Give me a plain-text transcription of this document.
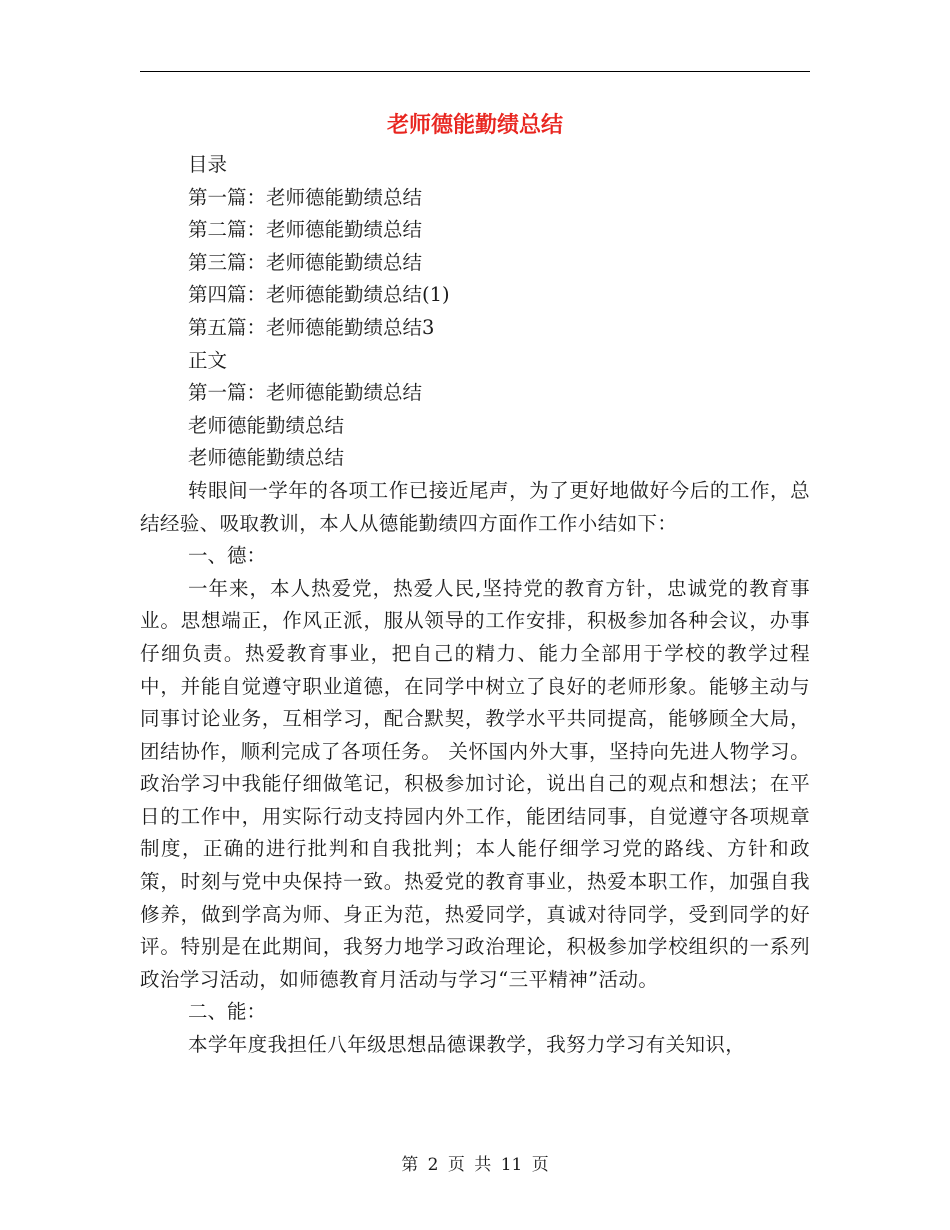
老师德能勤绩总结

目录

第一篇：老师德能勤绩总结

第二篇：老师德能勤绩总结

第三篇：老师德能勤绩总结

第四篇：老师德能勤绩总结(1)

第五篇：老师德能勤绩总结3

正文

第一篇：老师德能勤绩总结

老师德能勤绩总结

老师德能勤绩总结

转眼间一学年的各项工作已接近尾声，为了更好地做好今后的工作，总结经验、吸取教训，本人从德能勤绩四方面作工作小结如下：

一、德：

一年来，本人热爱党，热爱人民,坚持党的教育方针，忠诚党的教育事业。思想端正，作风正派，服从领导的工作安排，积极参加各种会议，办事仔细负责。热爱教育事业，把自己的精力、能力全部用于学校的教学过程中，并能自觉遵守职业道德，在同学中树立了良好的老师形象。能够主动与同事讨论业务，互相学习，配合默契，教学水平共同提高，能够顾全大局，团结协作，顺利完成了各项任务。 关怀国内外大事，坚持向先进人物学习。政治学习中我能仔细做笔记，积极参加讨论，说出自己的观点和想法；在平日的工作中，用实际行动支持园内外工作，能团结同事，自觉遵守各项规章制度，正确的进行批判和自我批判；本人能仔细学习党的路线、方针和政策，时刻与党中央保持一致。热爱党的教育事业，热爱本职工作，加强自我修养，做到学高为师、身正为范，热爱同学，真诚对待同学，受到同学的好评。特别是在此期间，我努力地学习政治理论，积极参加学校组织的一系列政治学习活动，如师德教育月活动与学习“三平精神”活动。

二、能：

本学年度我担任八年级思想品德课教学，我努力学习有关知识，

第 2 页 共 11 页
